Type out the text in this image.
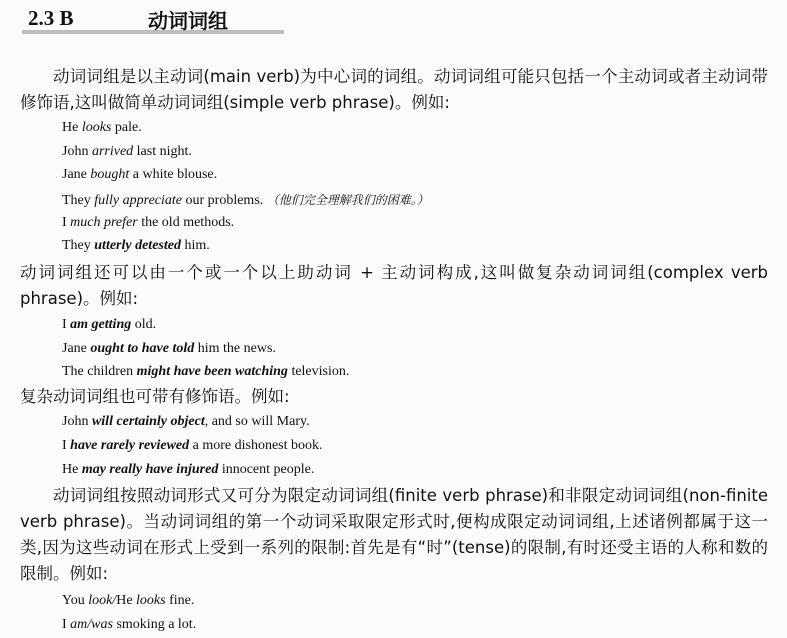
2.3 B	动词词组
动词词组是以主动词(main verb)为中心词的词组。动词词组可能只包括一个主动词或者主动词带修饰语,这叫做简单动词词组(simple verb phrase)。例如:
He looks pale.
John arrived last night.
Jane bought a white blouse.
They fully appreciate our problems. （他们完全理解我们的困难。）
I much prefer the old methods.
They utterly detested him.
动词词组还可以由一个或一个以上助动词 + 主动词构成,这叫做复杂动词词组(complex verb phrase)。例如:
I am getting old.
Jane ought to have told him the news.
The children might have been watching television.
复杂动词词组也可带有修饰语。例如:
John will certainly object, and so will Mary.
I have rarely reviewed a more dishonest book.
He may really have injured innocent people.
动词词组按照动词形式又可分为限定动词词组(finite verb phrase)和非限定动词词组(non-finite verb phrase)。当动词词组的第一个动词采取限定形式时,便构成限定动词词组,上述诸例都属于这一类,因为这些动词在形式上受到一系列的限制:首先是有“时”(tense)的限制,有时还受主语的人称和数的限制。例如:
You look/He looks fine.
I am/was smoking a lot.
